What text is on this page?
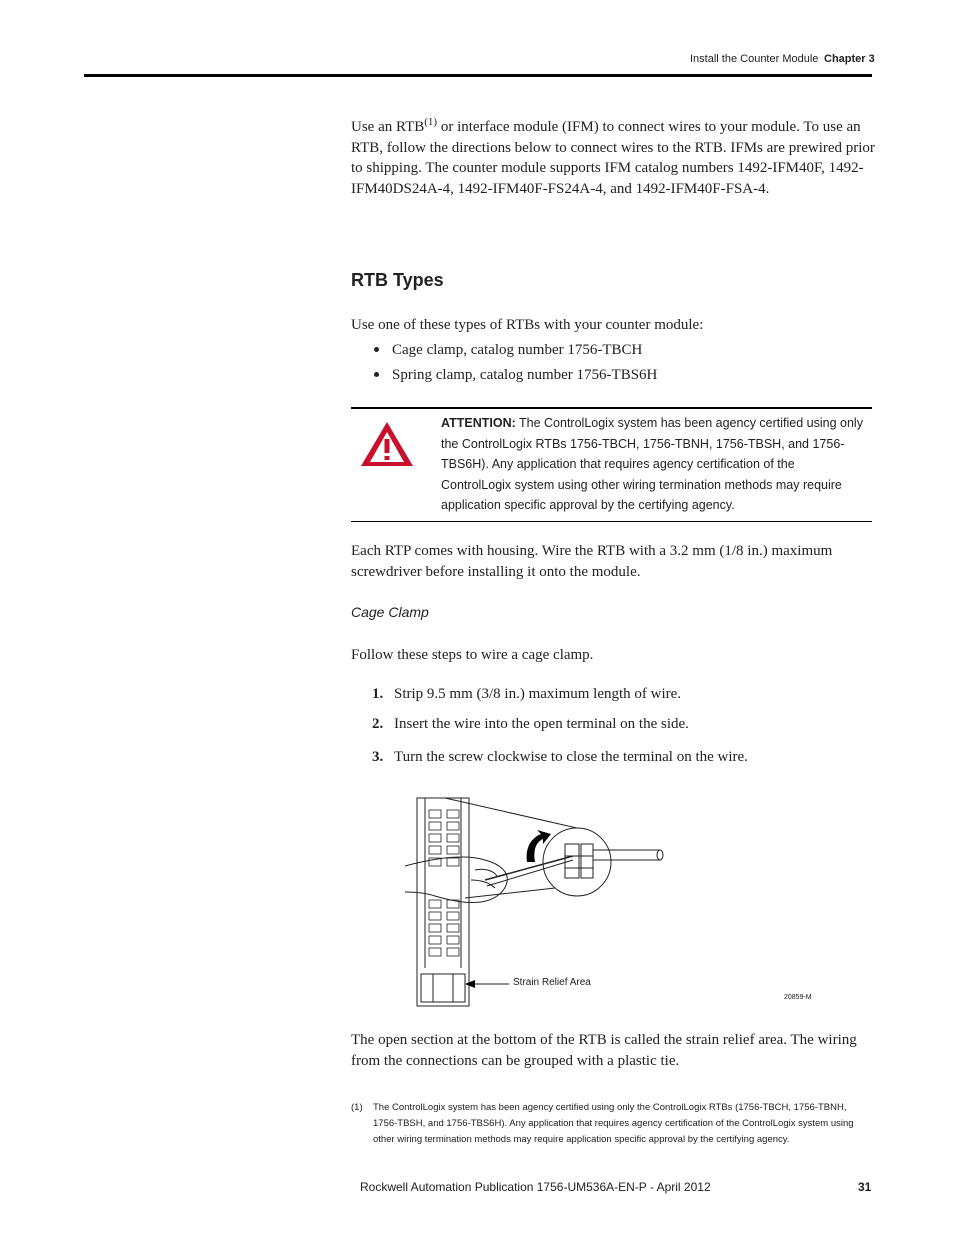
Install the Counter Module Chapter 3
Use an RTB$^{(1)}$ or interface module (IFM) to connect wires to your module. To use an RTB, follow the directions below to connect wires to the RTB. IFMs are prewired prior to shipping. The counter module supports IFM catalog numbers 1492-IFM40F, 1492-IFM40DS24A-4, 1492-IFM40F-FS24A-4, and 1492-IFM40F-FSA-4.
RTB Types
Use one of these types of RTBs with your counter module:
Cage clamp, catalog number 1756-TBCH
Spring clamp, catalog number 1756-TBS6H
ATTENTION: The ControlLogix system has been agency certified using only the ControlLogix RTBs 1756-TBCH, 1756-TBNH, 1756-TBSH, and 1756-TBS6H). Any application that requires agency certification of the ControlLogix system using other wiring termination methods may require application specific approval by the certifying agency.
Each RTP comes with housing. Wire the RTB with a 3.2 mm (1/8 in.) maximum screwdriver before installing it onto the module.
Cage Clamp
Follow these steps to wire a cage clamp.
1. Strip 9.5 mm (3/8 in.) maximum length of wire.
2. Insert the wire into the open terminal on the side.
3. Turn the screw clockwise to close the terminal on the wire.
Strain Relief Area
20859-M
The open section at the bottom of the RTB is called the strain relief area. The wiring from the connections can be grouped with a plastic tie.
(1) The ControlLogix system has been agency certified using only the ControlLogix RTBs (1756-TBCH, 1756-TBNH, 1756-TBSH, and 1756-TBS6H). Any application that requires agency certification of the ControlLogix system using other wiring termination methods may require application specific approval by the certifying agency.
Rockwell Automation Publication 1756-UM536A-EN-P - April 2012	31
